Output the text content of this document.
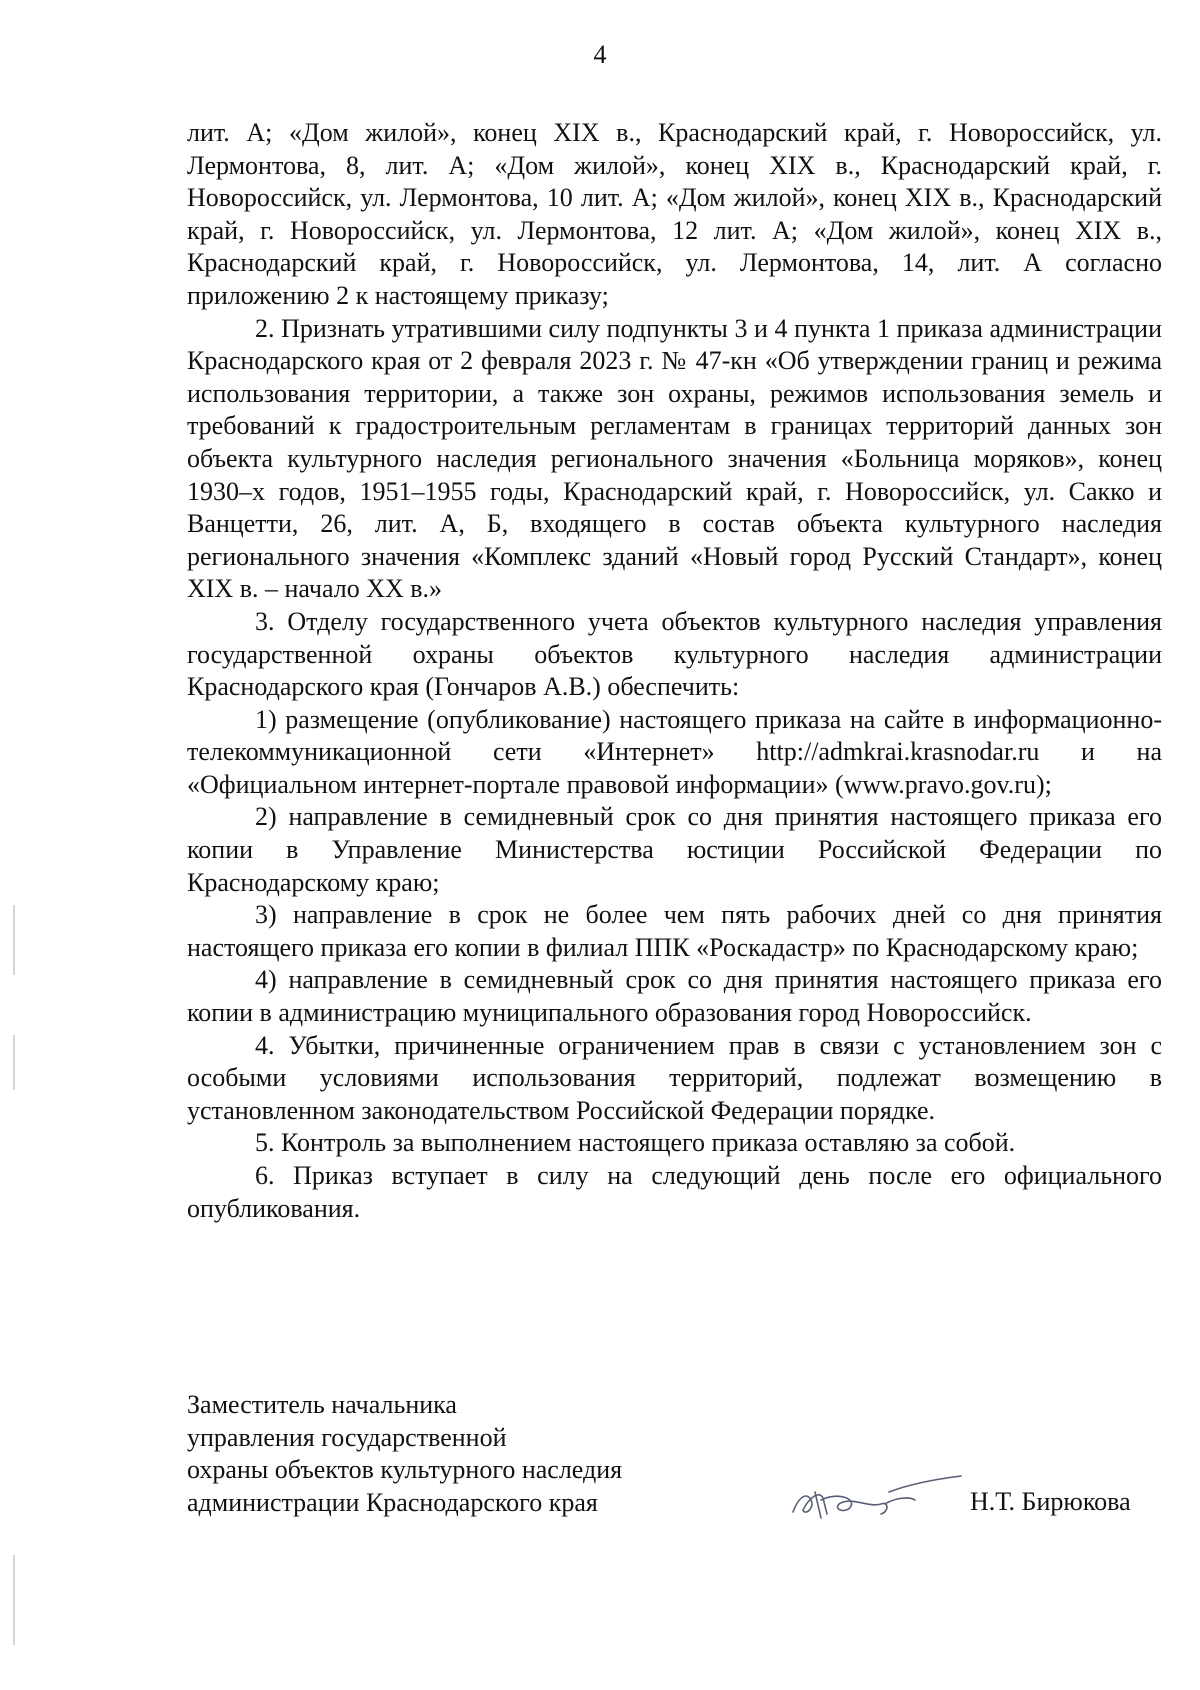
4

лит. А; «Дом жилой», конец XIX в., Краснодарский край, г. Новороссийск, ул. Лермонтова, 8, лит. А; «Дом жилой», конец XIX в., Краснодарский край, г. Новороссийск, ул. Лермонтова, 10 лит. А; «Дом жилой», конец XIX в., Краснодарский край, г. Новороссийск, ул. Лермонтова, 12 лит. А; «Дом жилой», конец XIX в., Краснодарский край, г. Новороссийск, ул. Лермонтова, 14, лит. А согласно приложению 2 к настоящему приказу;

2. Признать утратившими силу подпункты 3 и 4 пункта 1 приказа администрации Краснодарского края от 2 февраля 2023 г. № 47-кн «Об утверждении границ и режима использования территории, а также зон охраны, режимов использования земель и требований к градостроительным регламентам в границах территорий данных зон объекта культурного наследия регионального значения «Больница моряков», конец 1930–х годов, 1951–1955 годы, Краснодарский край, г. Новороссийск, ул. Сакко и Ванцетти, 26, лит. А, Б, входящего в состав объекта культурного наследия регионального значения «Комплекс зданий «Новый город Русский Стандарт», конец XIX в. – начало XX в.»

3. Отделу государственного учета объектов культурного наследия управления государственной охраны объектов культурного наследия администрации Краснодарского края (Гончаров А.В.) обеспечить:

1) размещение (опубликование) настоящего приказа на сайте в информационно-телекоммуникационной сети «Интернет» http://admkrai.krasnodar.ru и на «Официальном интернет-портале правовой информации» (www.pravo.gov.ru);

2) направление в семидневный срок со дня принятия настоящего приказа его копии в Управление Министерства юстиции Российской Федерации по Краснодарскому краю;

3) направление в срок не более чем пять рабочих дней со дня принятия настоящего приказа его копии в филиал ППК «Роскадастр» по Краснодарскому краю;

4) направление в семидневный срок со дня принятия настоящего приказа его копии в администрацию муниципального образования город Новороссийск.

4. Убытки, причиненные ограничением прав в связи с установлением зон с особыми условиями использования территорий, подлежат возмещению в установленном законодательством Российской Федерации порядке.

5. Контроль за выполнением настоящего приказа оставляю за собой.

6. Приказ вступает в силу на следующий день после его официального опубликования.

Заместитель начальника
управления государственной
охраны объектов культурного наследия
администрации Краснодарского края	Н.Т. Бирюкова
